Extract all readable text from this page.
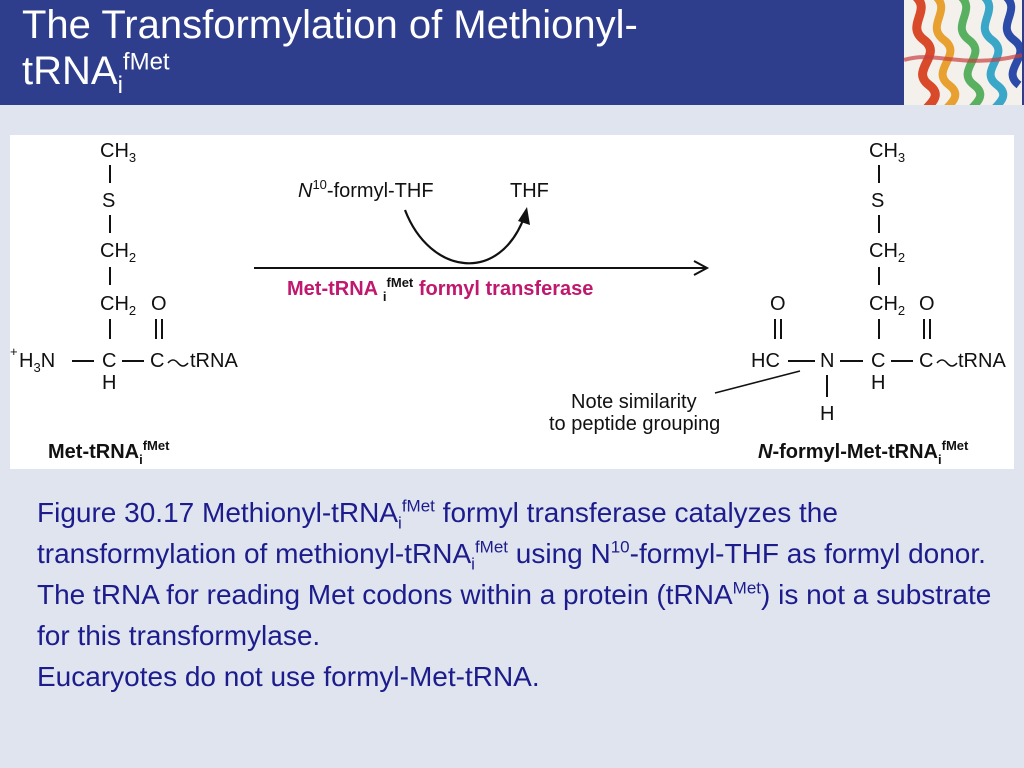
The Transformylation of Methionyl-
tRNA$_i^{fMet}$
$CH_3$
S
$CH_2$
$CH_2$ O
+ $H_3N$ C C tRNA
H
Met-tRNA$_i^{fMet}$
$N^{10}-formyl$-THF	THF
Met-tRNA $_i^{fMet}$ formyl transferase
$CH_3$
S
$CH_2$
$CH_2$ O
O
HC N C C tRNA
H
H
Note similarity
to peptide grouping
N-formyl-Met-tRNA$_i^{fMet}$

Figure 30.17 Methionyl-tRNA$_i^{fMet}$ formyl transferase catalyzes the transformylation of methionyl-tRNA$_i^{fMet}$ using $N^{10}-formyl$-THF as formyl donor. The tRNA for reading Met codons within a protein (tRNA$^{Met}$) is not a substrate for this transformylase.

Eucaryotes do not use formyl-Met-tRNA.
